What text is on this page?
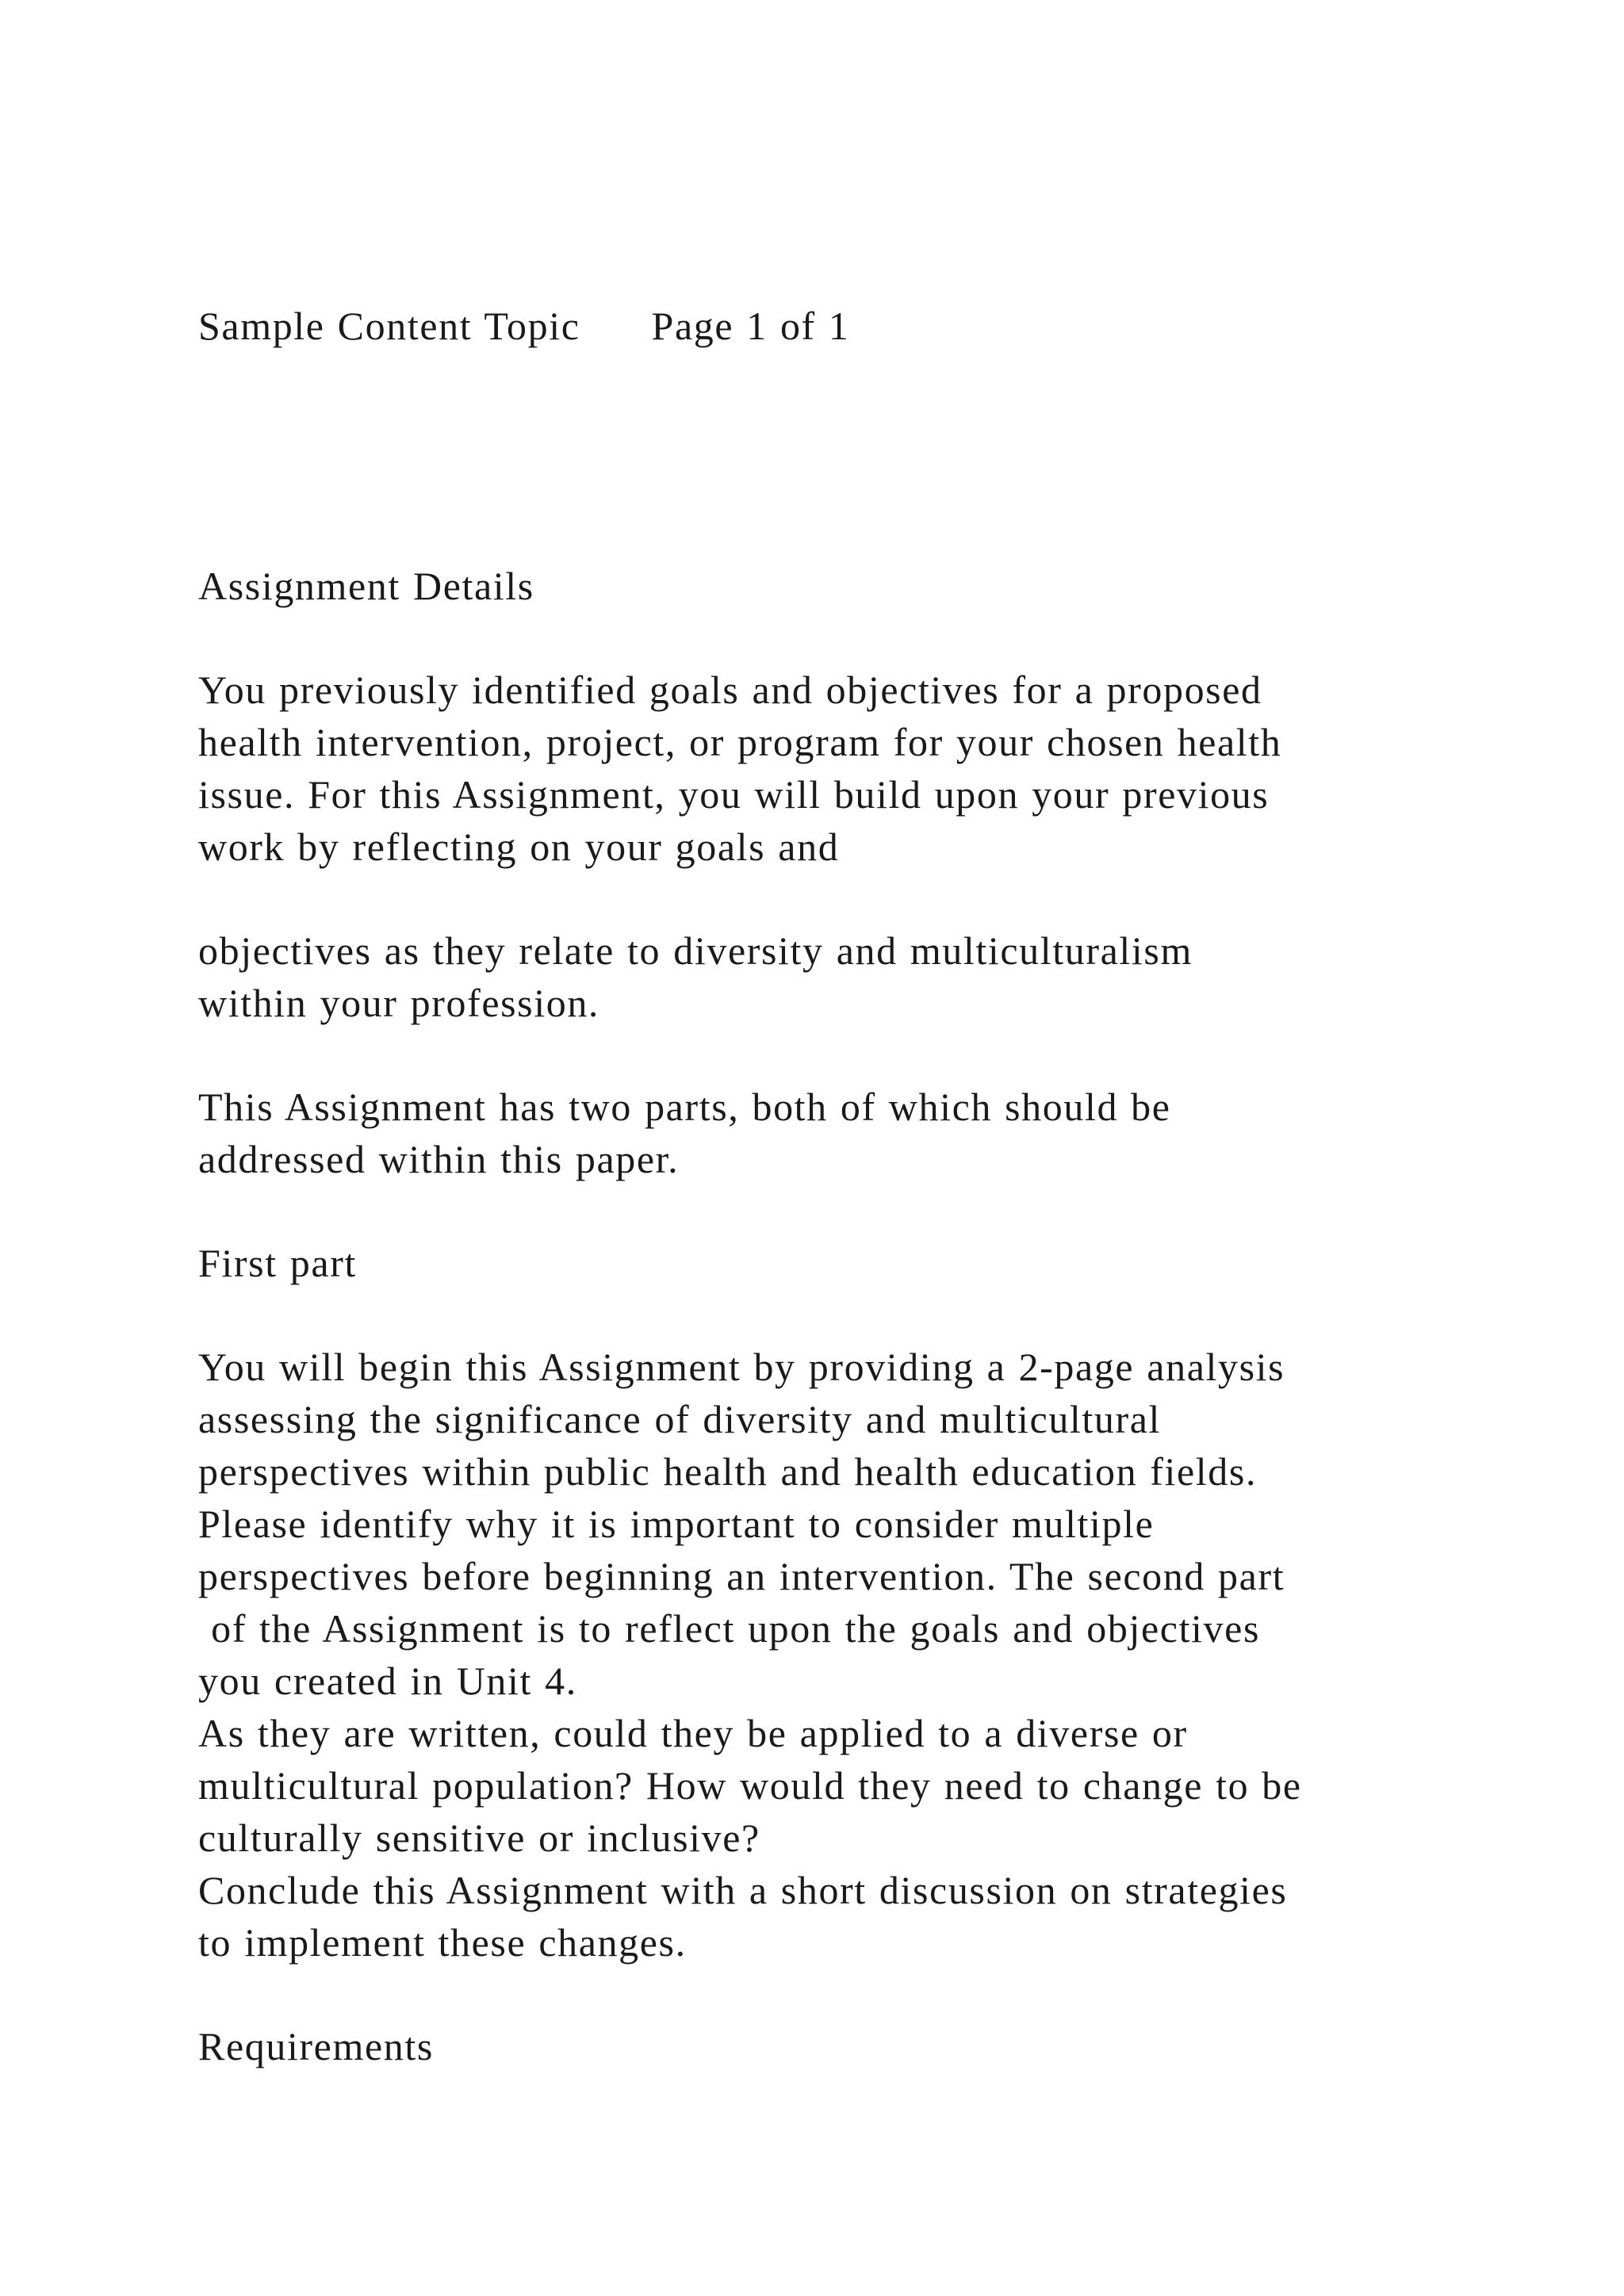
Sample Content Topic Page 1 of 1
Assignment Details
You previously identified goals and objectives for a proposed
health intervention, project, or program for your chosen health
issue. For this Assignment, you will build upon your previous
work by reflecting on your goals and
objectives as they relate to diversity and multiculturalism
within your profession.
This Assignment has two parts, both of which should be
addressed within this paper.
First part
You will begin this Assignment by providing a 2-page analysis
assessing the significance of diversity and multicultural
perspectives within public health and health education fields.
Please identify why it is important to consider multiple
perspectives before beginning an intervention. The second part
of the Assignment is to reflect upon the goals and objectives
you created in Unit 4.
As they are written, could they be applied to a diverse or
multicultural population? How would they need to change to be
culturally sensitive or inclusive?
Conclude this Assignment with a short discussion on strategies
to implement these changes.
Requirements
